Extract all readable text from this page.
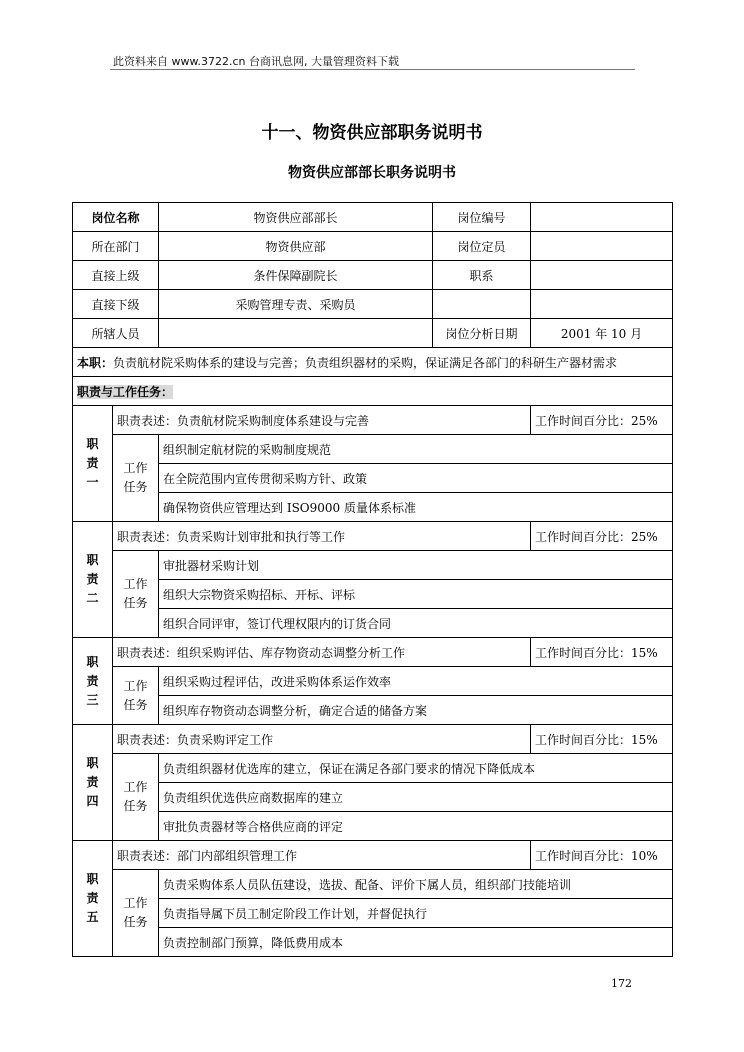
此资料来自 www.3722.cn 台商讯息网, 大量管理资料下载
十一、物资供应部职务说明书
物资供应部部长职务说明书
岗位名称		物资供应部部长	岗位编号	
所在部门		物资供应部	岗位定员	
直接上级		条件保障副院长	职系	
直接下级		采购管理专责、采购员		
所辖人员			岗位分析日期	2001 年 10 月
本职：负责航材院采购体系的建设与完善；负责组织器材的采购，保证满足各部门的科研生产器材需求				
职责与工作任务：				

职
责
一	职责表述：负责航材院采购制度体系建设与完善			工作时间百分比：25%

	工作
任务	组织制定航材院的采购制度规范		
		在全院范围内宣传贯彻采购方针、政策		
		确保物资供应管理达到 ISO9000 质量体系标准		

职
责
二	职责表述：负责采购计划审批和执行等工作			工作时间百分比：25%

	工作
任务	审批器材采购计划		
		组织大宗物资采购招标、开标、评标		
		组织合同评审，签订代理权限内的订货合同		

职
责
三	职责表述：组织采购评估、库存物资动态调整分析工作			工作时间百分比：15%

	工作
任务	组织采购过程评估，改进采购体系运作效率		
		组织库存物资动态调整分析，确定合适的储备方案		

职
责
四	职责表述：负责采购评定工作			工作时间百分比：15%

	工作
任务	负责组织器材优选库的建立，保证在满足各部门要求的情况下降低成本		
		负责组织优选供应商数据库的建立		
		审批负责器材等合格供应商的评定		

职
责
五	职责表述：部门内部组织管理工作			工作时间百分比：10%

	工作
任务	负责采购体系人员队伍建设，选拔、配备、评价下属人员，组织部门技能培训		
		负责指导属下员工制定阶段工作计划，并督促执行		
		负责控制部门预算，降低费用成本		
172
